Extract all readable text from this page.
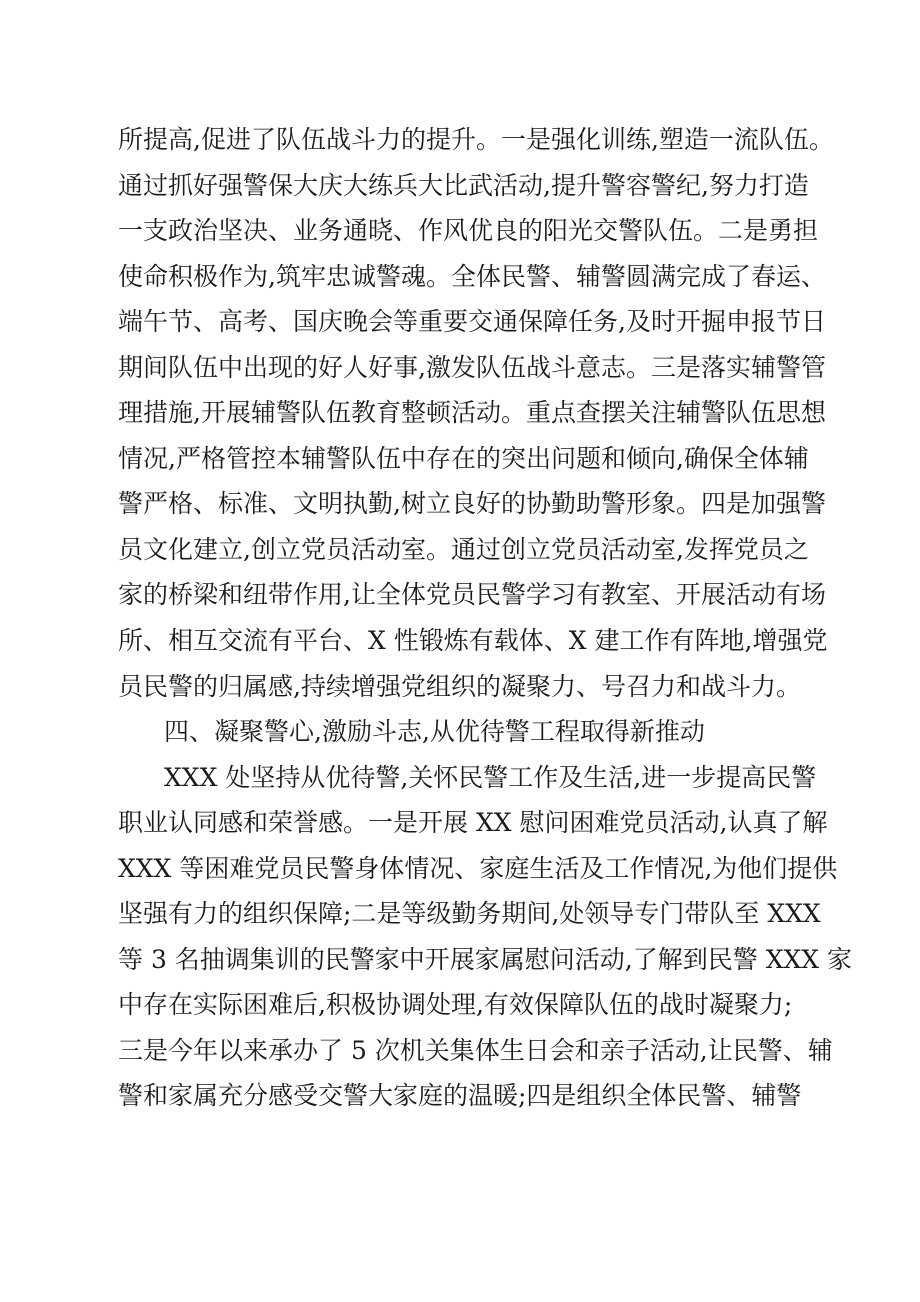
所提高,促进了队伍战斗力的提升。一是强化训练,塑造一流队伍。
通过抓好强警保大庆大练兵大比武活动,提升警容警纪,努力打造
一支政治坚决、业务通晓、作风优良的阳光交警队伍。二是勇担
使命积极作为,筑牢忠诚警魂。全体民警、辅警圆满完成了春运、
端午节、高考、国庆晚会等重要交通保障任务,及时开掘申报节日
期间队伍中出现的好人好事,激发队伍战斗意志。三是落实辅警管
理措施,开展辅警队伍教育整顿活动。重点查摆关注辅警队伍思想
情况,严格管控本辅警队伍中存在的突出问题和倾向,确保全体辅
警严格、标准、文明执勤,树立良好的协勤助警形象。四是加强警
员文化建立,创立党员活动室。通过创立党员活动室,发挥党员之
家的桥梁和纽带作用,让全体党员民警学习有教室、开展活动有场
所、相互交流有平台、X 性锻炼有载体、X 建工作有阵地,增强党
员民警的归属感,持续增强党组织的凝聚力、号召力和战斗力。
四、凝聚警心,激励斗志,从优待警工程取得新推动
XXX 处坚持从优待警,关怀民警工作及生活,进一步提高民警
职业认同感和荣誉感。一是开展 XX 慰问困难党员活动,认真了解
XXX 等困难党员民警身体情况、家庭生活及工作情况,为他们提供
坚强有力的组织保障;二是等级勤务期间,处领导专门带队至 XXX
等 3 名抽调集训的民警家中开展家属慰问活动,了解到民警 XXX 家
中存在实际困难后,积极协调处理,有效保障队伍的战时凝聚力;
三是今年以来承办了 5 次机关集体生日会和亲子活动,让民警、辅
警和家属充分感受交警大家庭的温暖;四是组织全体民警、辅警
